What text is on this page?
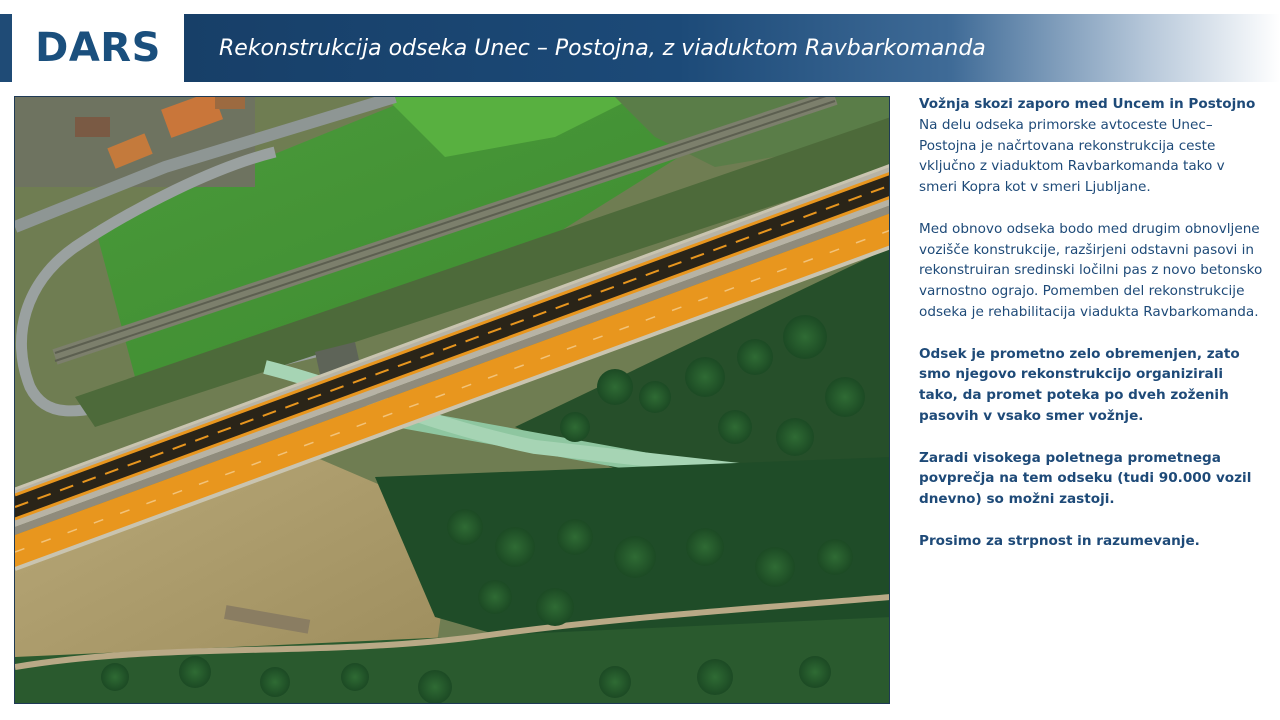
DARS	Rekonstrukcija odseka Unec – Postojna, z viaduktom Ravbarkomanda

Vožnja skozi zaporo med Uncem in Postojno
Na delu odseka primorske avtoceste Unec–Postojna je načrtovana rekonstrukcija ceste vključno z viaduktom Ravbarkomanda tako v smeri Kopra kot v smeri Ljubljane.

Med obnovo odseka bodo med drugim obnovljene vozišče konstrukcije, razširjeni odstavni pasovi in rekonstruiran sredinski ločilni pas z novo betonsko varnostno ograjo. Pomemben del rekonstrukcije odseka je rehabilitacija viadukta Ravbarkomanda.

Odsek je prometno zelo obremenjen, zato smo njegovo rekonstrukcijo organizirali tako, da promet poteka po dveh zoženih pasovih v vsako smer vožnje.

Zaradi visokega poletnega prometnega povprečja na tem odseku (tudi 90.000 vozil dnevno) so možni zastoji.

Prosimo za strpnost in razumevanje.
